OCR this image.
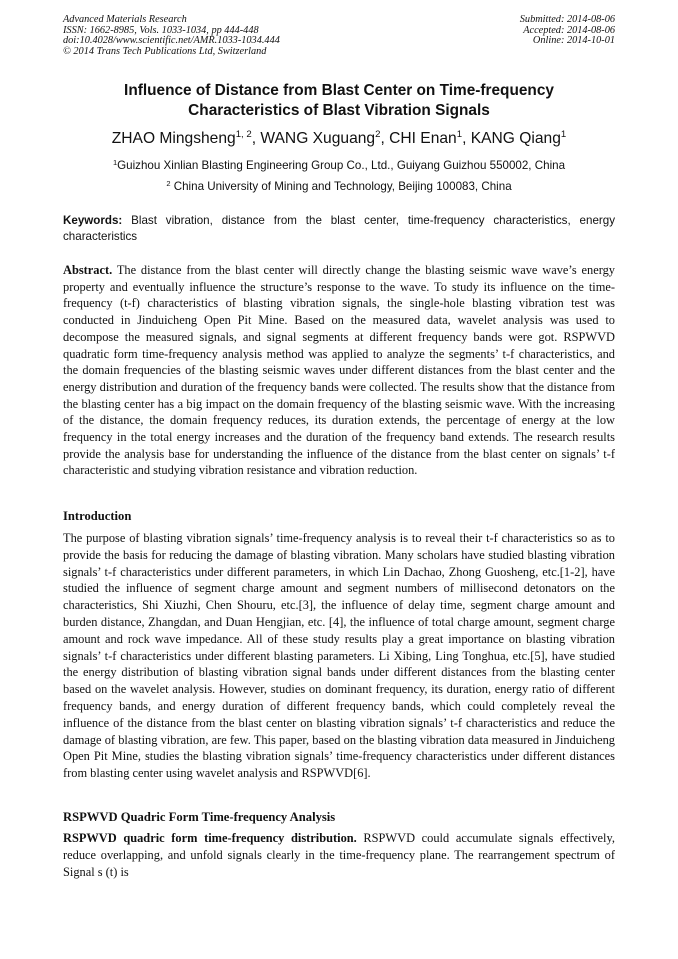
Advanced Materials Research
ISSN: 1662-8985, Vols. 1033-1034, pp 444-448
doi:10.4028/www.scientific.net/AMR.1033-1034.444
© 2014 Trans Tech Publications Ltd, Switzerland
Submitted: 2014-08-06
Accepted: 2014-08-06
Online: 2014-10-01
Influence of Distance from Blast Center on Time-frequency
Characteristics of Blast Vibration Signals
ZHAO Mingsheng$^{1, 2}$, WANG Xuguang$^2$, CHI Enan$^1$, KANG Qiang$^1$
$^1$Guizhou Xinlian Blasting Engineering Group Co., Ltd., Guiyang Guizhou 550002, China
$^2$ China University of Mining and Technology, Beijing 100083, China
Keywords: Blast vibration, distance from the blast center, time-frequency characteristics, energy characteristics
Abstract. The distance from the blast center will directly change the blasting seismic wave wave’s energy property and eventually influence the structure’s response to the wave. To study its influence on the time-frequency (t-f) characteristics of blasting vibration signals, the single-hole blasting vibration test was conducted in Jinduicheng Open Pit Mine. Based on the measured data, wavelet analysis was used to decompose the measured signals, and signal segments at different frequency bands were got. RSPWVD quadratic form time-frequency analysis method was applied to analyze the segments’ t-f characteristics, and the domain frequencies of the blasting seismic waves under different distances from the blast center and the energy distribution and duration of the frequency bands were collected. The results show that the distance from the blasting center has a big impact on the domain frequency of the blasting seismic wave. With the increasing of the distance, the domain frequency reduces, its duration extends, the percentage of energy at the low frequency in the total energy increases and the duration of the frequency band extends. The research results provide the analysis base for understanding the influence of the distance from the blast center on signals’ t-f characteristic and studying vibration resistance and vibration reduction.
Introduction
The purpose of blasting vibration signals’ time-frequency analysis is to reveal their t-f characteristics so as to provide the basis for reducing the damage of blasting vibration. Many scholars have studied blasting vibration signals’ t-f characteristics under different parameters, in which Lin Dachao, Zhong Guosheng, etc.[1-2], have studied the influence of segment charge amount and segment numbers of millisecond detonators on the characteristics, Shi Xiuzhi, Chen Shouru, etc.[3], the influence of delay time, segment charge amount and burden distance, Zhangdan, and Duan Hengjian, etc. [4], the influence of total charge amount, segment charge amount and rock wave impedance. All of these study results play a great importance on blasting vibration signals’ t-f characteristics under different blasting parameters. Li Xibing, Ling Tonghua, etc.[5], have studied the energy distribution of blasting vibration signal bands under different distances from the blasting center based on the wavelet analysis. However, studies on dominant frequency, its duration, energy ratio of different frequency bands, and energy duration of different frequency bands, which could completely reveal the influence of the distance from the blast center on blasting vibration signals’ t-f characteristics and reduce the damage of blasting vibration, are few. This paper, based on the blasting vibration data measured in Jinduicheng Open Pit Mine, studies the blasting vibration signals’ time-frequency characteristics under different distances from blasting center using wavelet analysis and RSPWVD[6].
RSPWVD Quadric Form Time-frequency Analysis
RSPWVD quadric form time-frequency distribution. RSPWVD could accumulate signals effectively, reduce overlapping, and unfold signals clearly in the time-frequency plane. The rearrangement spectrum of Signal s (t) is
